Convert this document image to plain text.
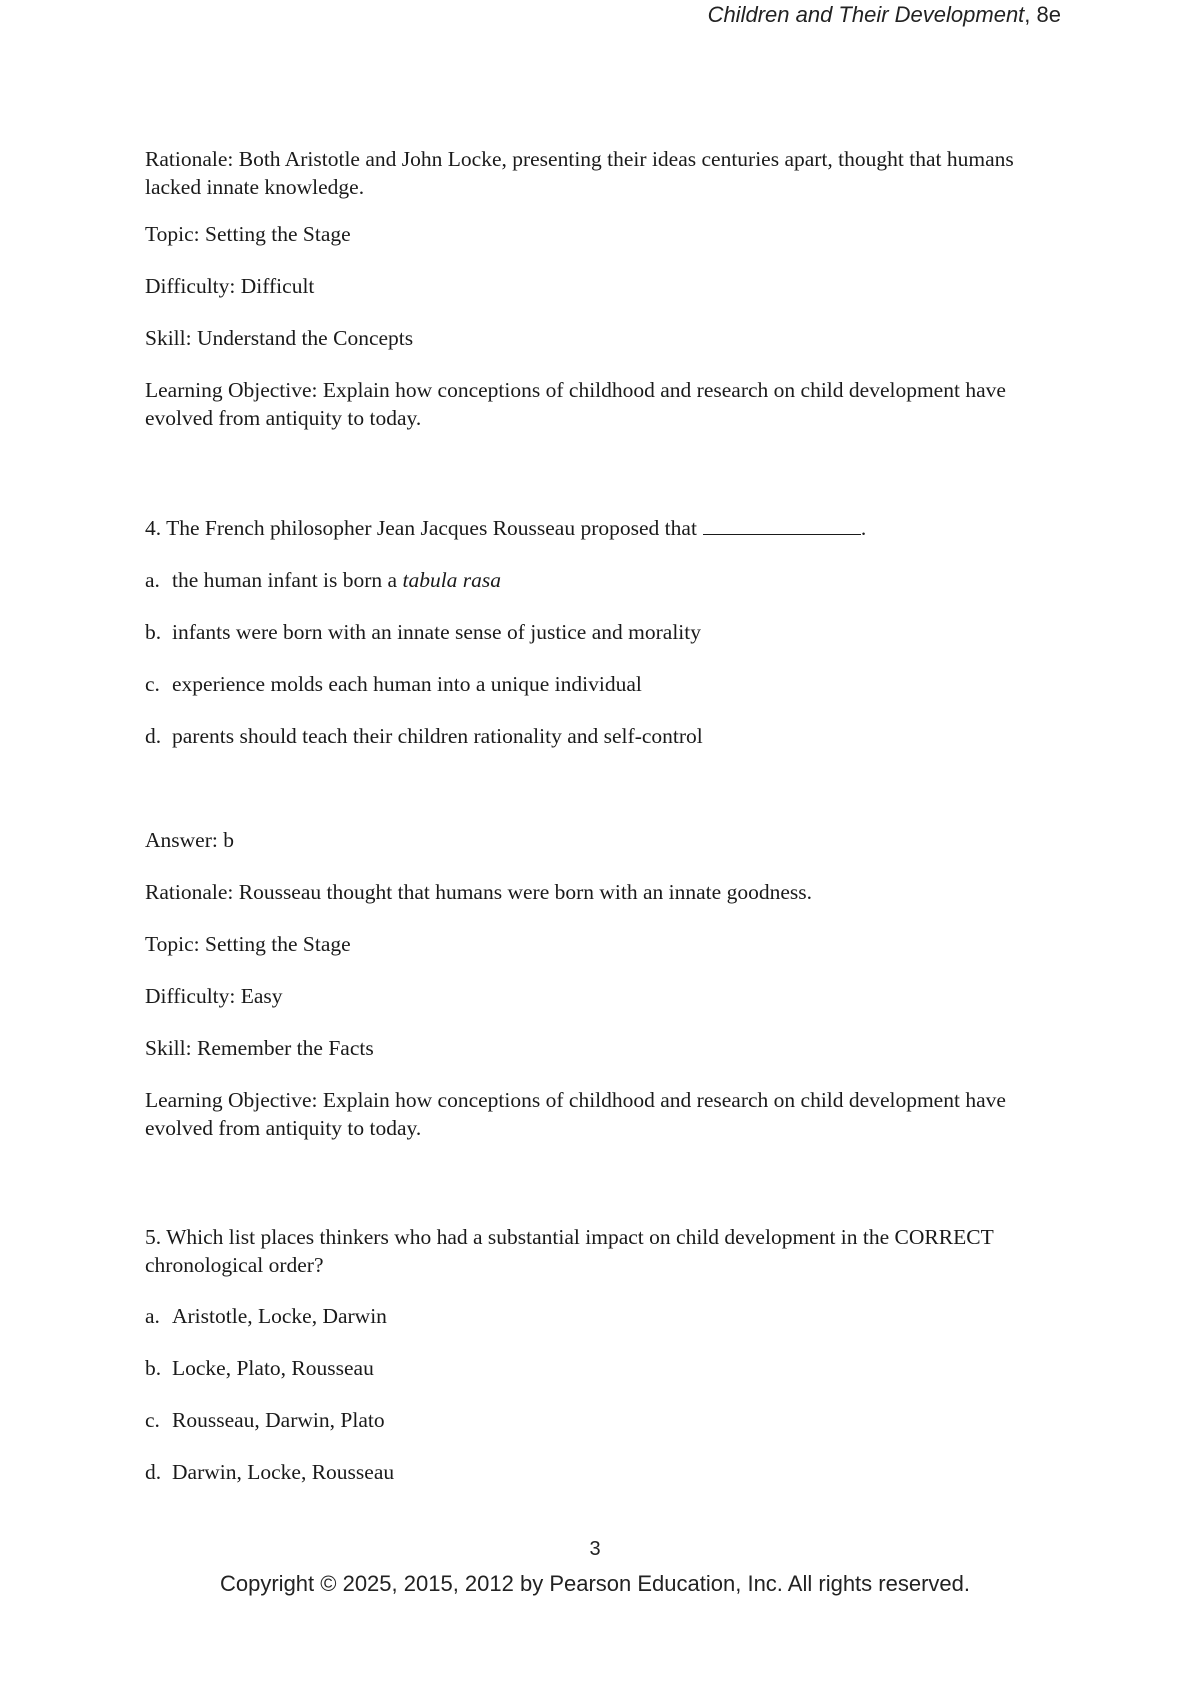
Children and Their Development, 8e

Rationale: Both Aristotle and John Locke, presenting their ideas centuries apart, thought that humans lacked innate knowledge.

Topic: Setting the Stage

Difficulty: Difficult

Skill: Understand the Concepts

Learning Objective: Explain how conceptions of childhood and research on child development have evolved from antiquity to today.

4. The French philosopher Jean Jacques Rousseau proposed that	.

a. the human infant is born a tabula rasa

b. infants were born with an innate sense of justice and morality

c. experience molds each human into a unique individual

d. parents should teach their children rationality and self-control

Answer: b

Rationale: Rousseau thought that humans were born with an innate goodness.

Topic: Setting the Stage

Difficulty: Easy

Skill: Remember the Facts

Learning Objective: Explain how conceptions of childhood and research on child development have evolved from antiquity to today.

5. Which list places thinkers who had a substantial impact on child development in the CORRECT chronological order?

a. Aristotle, Locke, Darwin

b. Locke, Plato, Rousseau

c. Rousseau, Darwin, Plato

d. Darwin, Locke, Rousseau

3
Copyright © 2025, 2015, 2012 by Pearson Education, Inc. All rights reserved.
